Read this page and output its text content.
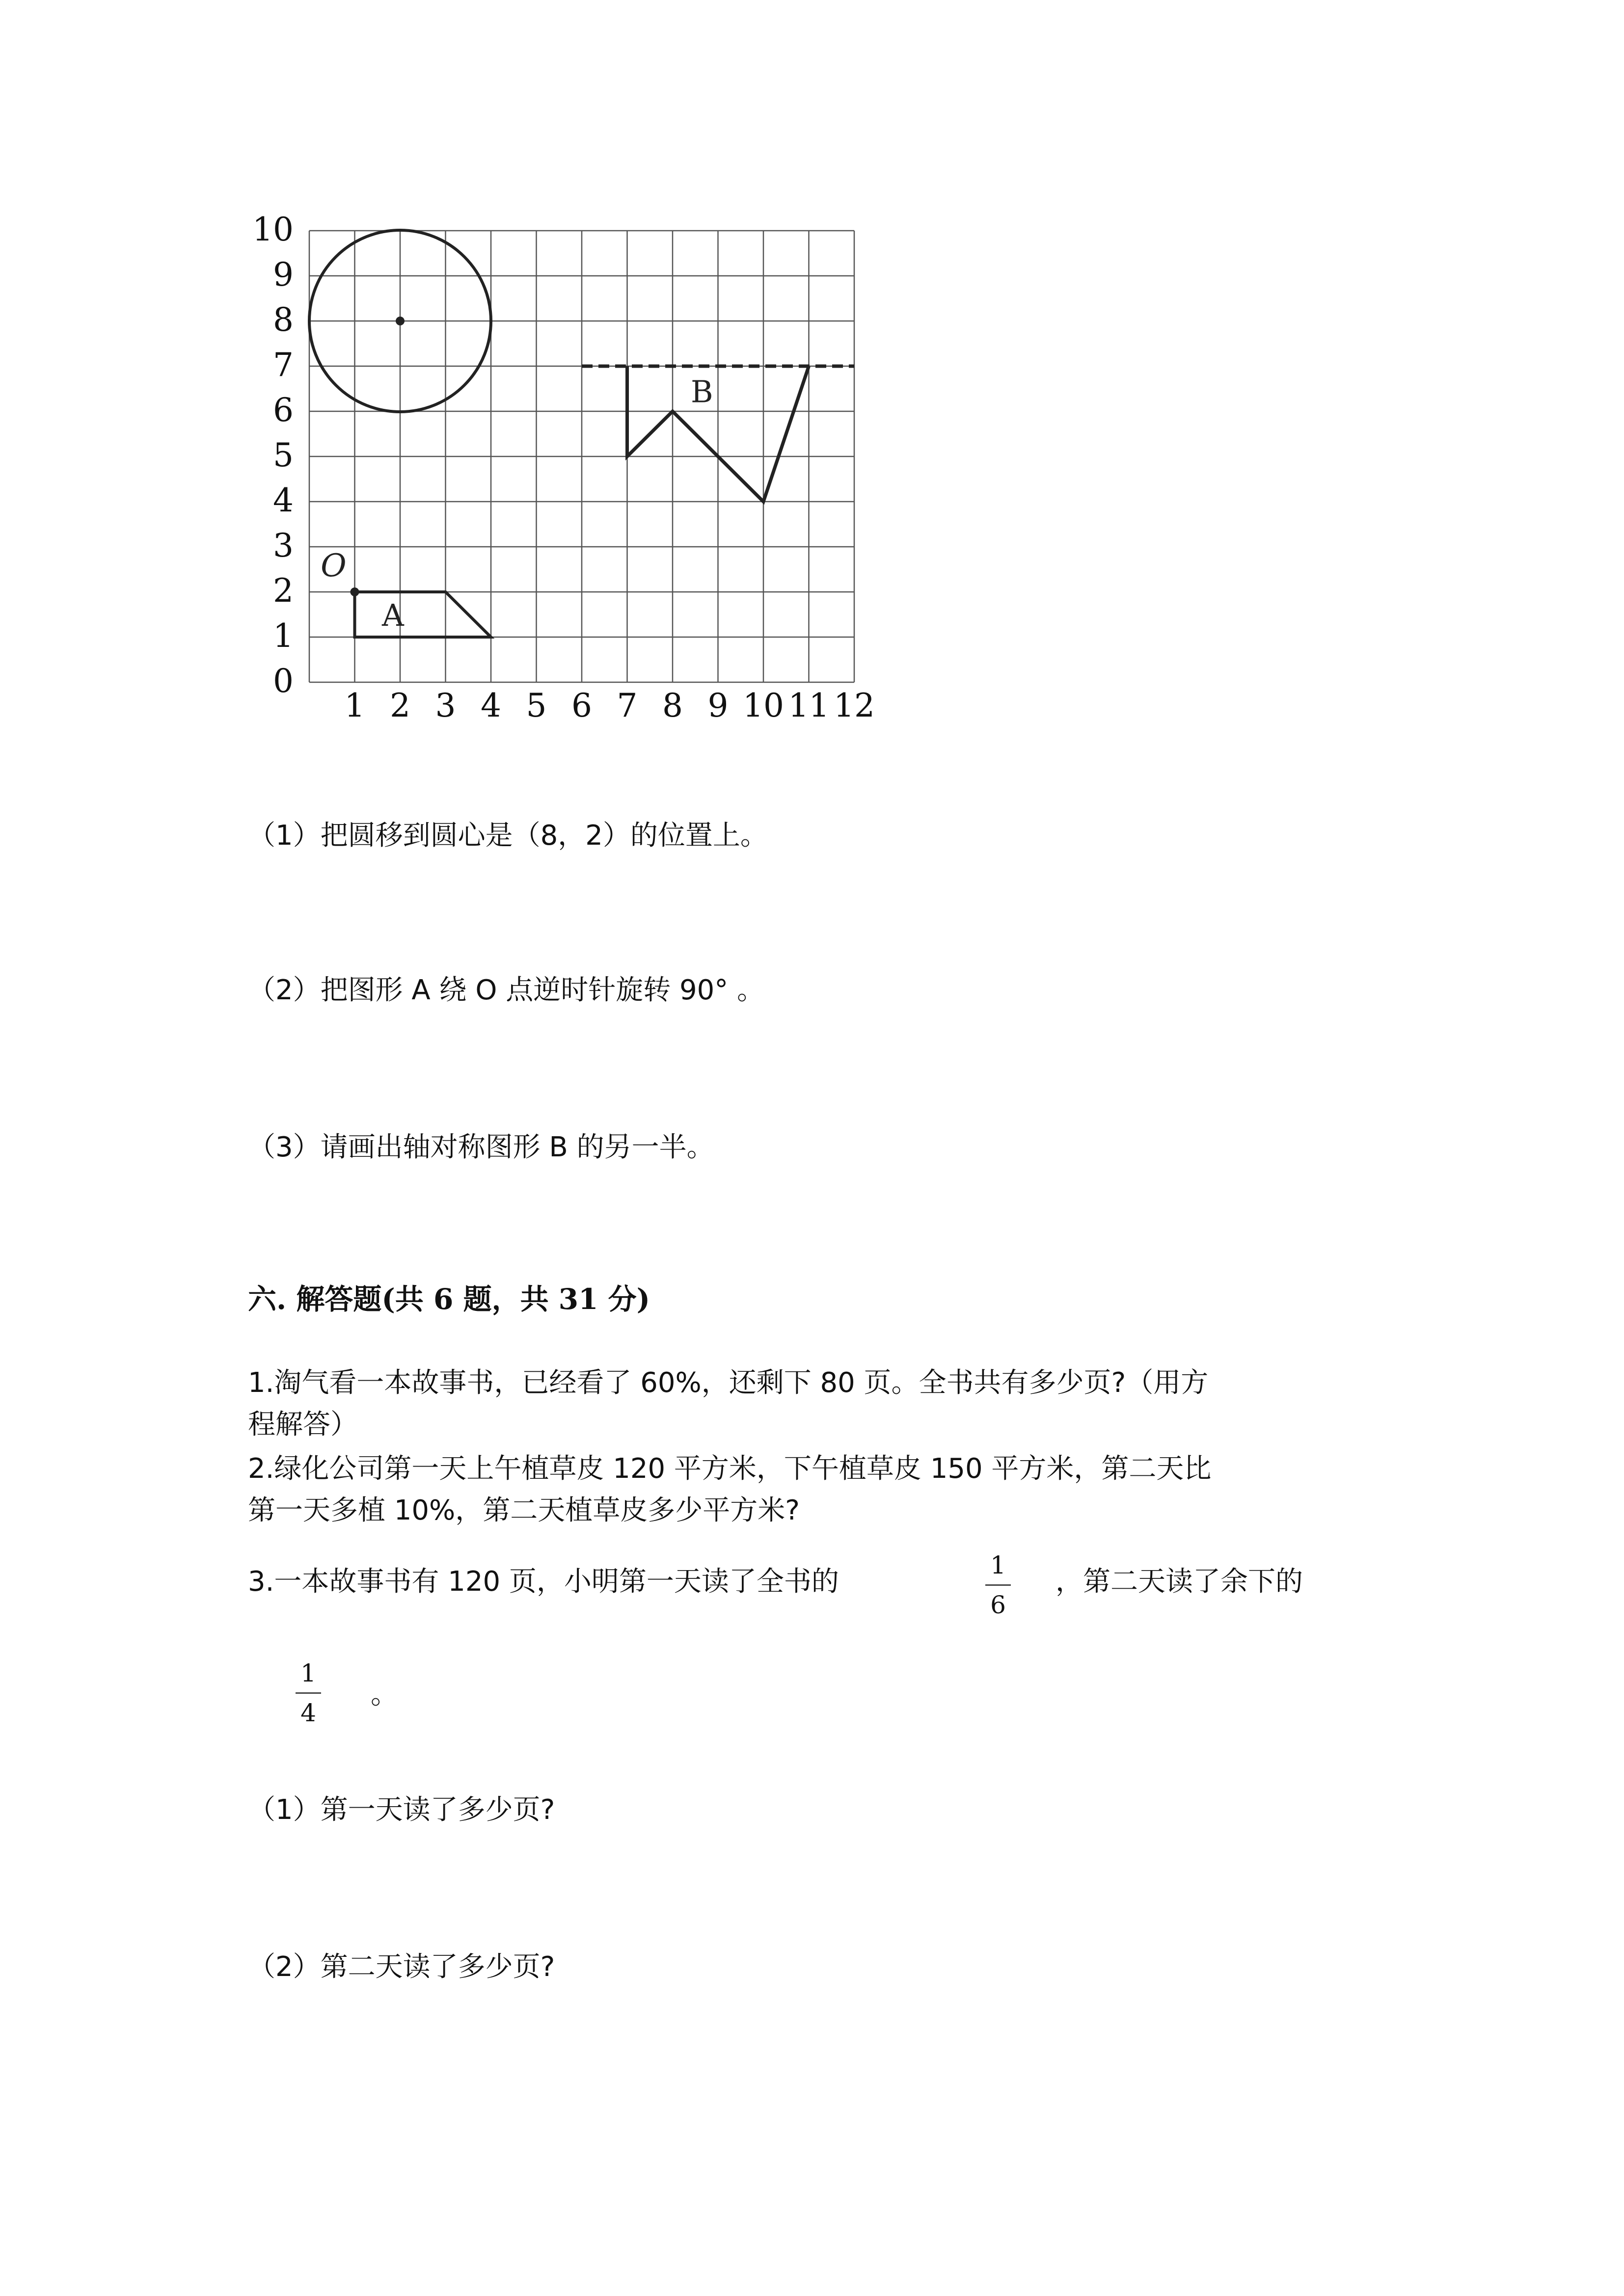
0
1
2
3
4
5
6
7
8
9
10
1 2 3 4 5 6 7 8 9 10 11 12
A
O
B
（1）把圆移到圆心是（8，2）的位置上。
（2）把图形 A 绕 O 点逆时针旋转 90° 。
（3）请画出轴对称图形 B 的另一半。
六. 解答题(共 6 题，共 31 分)
1.淘气看一本故事书，已经看了 60%，还剩下 80 页。全书共有多少页?（用方
程解答）
2.绿化公司第一天上午植草皮 120 平方米，下午植草皮 150 平方米，第二天比
第一天多植 10%，第二天植草皮多少平方米?
3.一本故事书有 120 页，小明第一天读了全书的
1
6
，第二天读了余下的
1
4
。
（1）第一天读了多少页?
（2）第二天读了多少页?
